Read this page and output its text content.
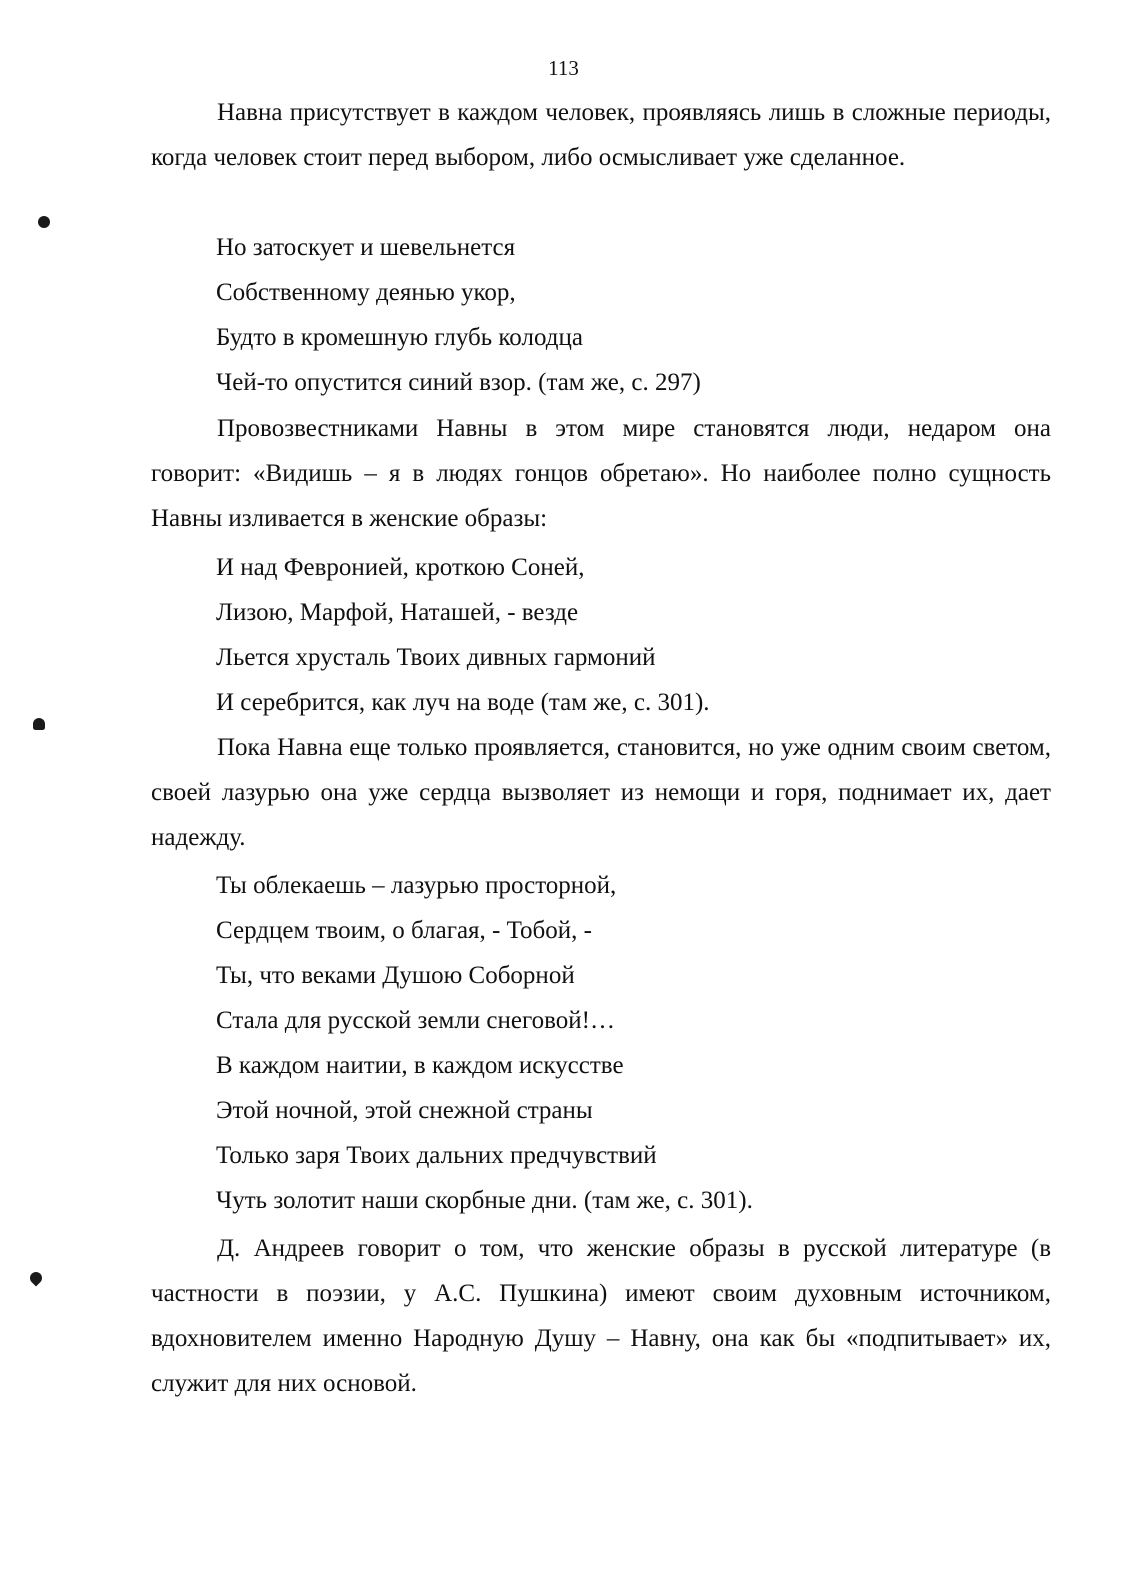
113

Навна присутствует в каждом человек, проявляясь лишь в сложные периоды, когда человек стоит перед выбором, либо осмысливает уже сделанное.

Но затоскует и шевельнется
Собственному деянью укор,
Будто в кромешную глубь колодца
Чей-то опустится синий взор. (там же, с. 297)

Провозвестниками Навны в этом мире становятся люди, недаром она говорит: «Видишь – я в людях гонцов обретаю». Но наиболее полно сущность Навны изливается в женские образы:

И над Февронией, кроткою Соней,
Лизою, Марфой, Наташей, - везде
Льется хрусталь Твоих дивных гармоний
И серебрится, как луч на воде (там же, с. 301).

Пока Навна еще только проявляется, становится, но уже одним своим светом, своей лазурью она уже сердца вызволяет из немощи и горя, поднимает их, дает надежду.

Ты облекаешь – лазурью просторной,
Сердцем твоим, о благая, - Тобой, -
Ты, что веками Душою Соборной
Стала для русской земли снеговой!…
В каждом наитии, в каждом искусстве
Этой ночной, этой снежной страны
Только заря Твоих дальних предчувствий
Чуть золотит наши скорбные дни. (там же, с. 301).

Д. Андреев говорит о том, что женские образы в русской литературе (в частности в поэзии, у А.С. Пушкина) имеют своим духовным источником, вдохновителем именно Народную Душу – Навну, она как бы «подпитывает» их, служит для них основой.
